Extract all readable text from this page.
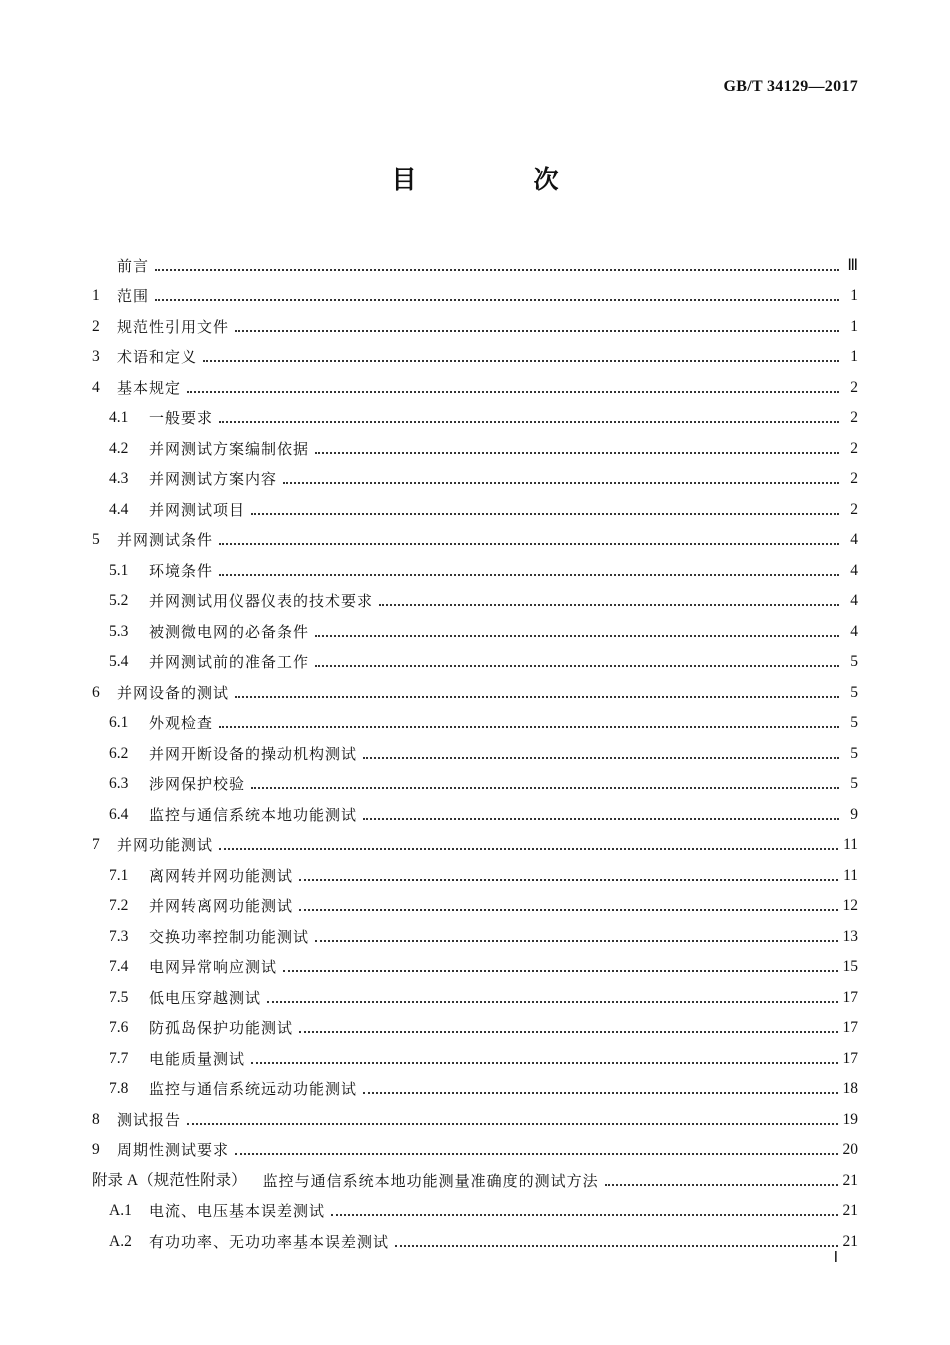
GB/T 34129—2017
目　次
前言	Ⅲ
1	范围	1
2	规范性引用文件	1
3	术语和定义	1
4	基本规定	2
4.1	一般要求	2
4.2	并网测试方案编制依据	2
4.3	并网测试方案内容	2
4.4	并网测试项目	2
5	并网测试条件	4
5.1	环境条件	4
5.2	并网测试用仪器仪表的技术要求	4
5.3	被测微电网的必备条件	4
5.4	并网测试前的准备工作	5
6	并网设备的测试	5
6.1	外观检查	5
6.2	并网开断设备的操动机构测试	5
6.3	涉网保护校验	5
6.4	监控与通信系统本地功能测试	9
7	并网功能测试	11
7.1	离网转并网功能测试	11
7.2	并网转离网功能测试	12
7.3	交换功率控制功能测试	13
7.4	电网异常响应测试	15
7.5	低电压穿越测试	17
7.6	防孤岛保护功能测试	17
7.7	电能质量测试	17
7.8	监控与通信系统远动功能测试	18
8	测试报告	19
9	周期性测试要求	20
附录 A（规范性附录） 　监控与通信系统本地功能测量准确度的测试方法	21
A.1	电流、电压基本误差测试	21
A.2	有功功率、无功功率基本误差测试	21
Ⅰ
